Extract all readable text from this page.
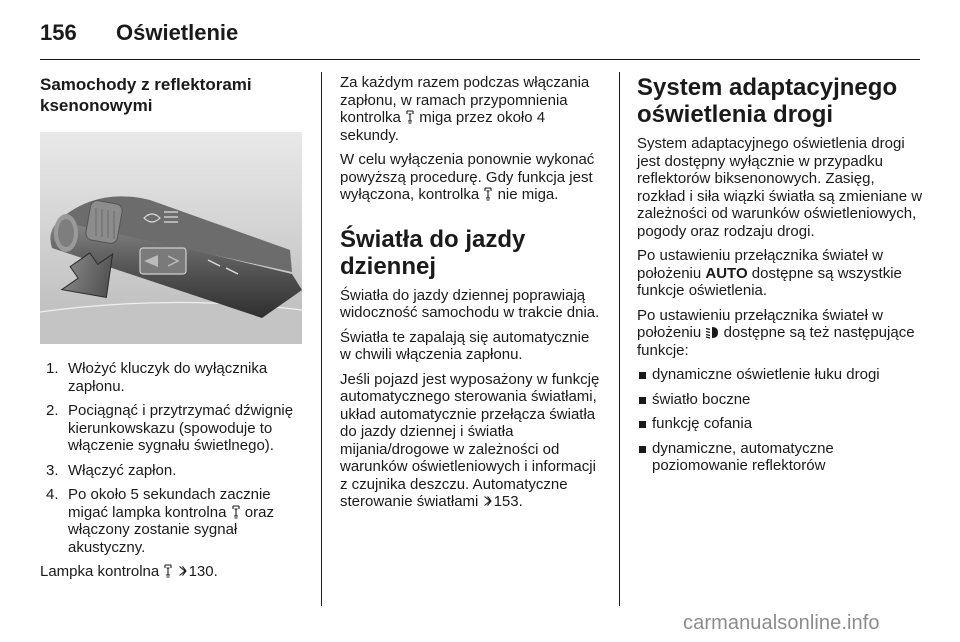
156 Oświetlenie
Samochody z reflektorami ksenonowymi
1. Włożyć kluczyk do wyłącznika zapłonu.
2. Pociągnąć i przytrzymać dźwignię kierunkowskazu (spowoduje to włączenie sygnału świetlnego).
3. Włączyć zapłon.
4. Po około 5 sekundach zacznie migać lampka kontrolna oraz włączony zostanie sygnał akustyczny.

Lampka kontrolna 130.

Za każdym razem podczas włączania zapłonu, w ramach przypomnienia kontrolka miga przez około 4 sekundy.

W celu wyłączenia ponownie wykonać powyższą procedurę. Gdy funkcja jest wyłączona, kontrolka nie miga.

Światła do jazdy dziennej

Światła do jazdy dziennej poprawiają widoczność samochodu w trakcie dnia.

Światła te zapalają się automatycznie w chwili włączenia zapłonu.

Jeśli pojazd jest wyposażony w funkcję automatycznego sterowania światłami, układ automatycznie przełącza światła do jazdy dziennej i światła mijania/drogowe w zależności od warunków oświetleniowych i informacji z czujnika deszczu. Automatyczne sterowanie światłami 153.

System adaptacyjnego oświetlenia drogi

System adaptacyjnego oświetlenia drogi jest dostępny wyłącznie w przypadku reflektorów biksenonowych. Zasięg, rozkład i siła wiązki światła są zmieniane w zależności od warunków oświetleniowych, pogody oraz rodzaju drogi.

Po ustawieniu przełącznika świateł w położeniu AUTO dostępne są wszystkie funkcje oświetlenia.

Po ustawieniu przełącznika świateł w położeniu dostępne są też następujące funkcje:

dynamiczne oświetlenie łuku drogi
światło boczne
funkcję cofania
dynamiczne, automatyczne poziomowanie reflektorów
carmanualsonline.info
